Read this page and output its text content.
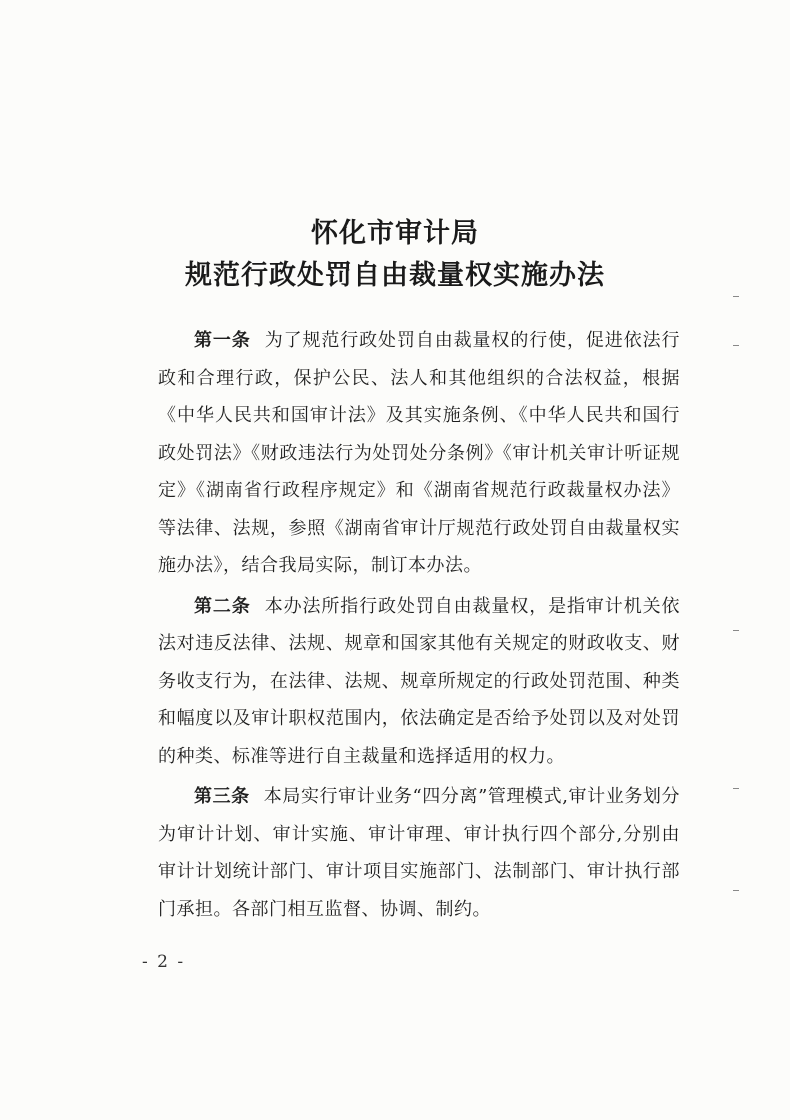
怀化市审计局
规范行政处罚自由裁量权实施办法

第一条 为了规范行政处罚自由裁量权的行使，促进依法行政和合理行政，保护公民、法人和其他组织的合法权益，根据《中华人民共和国审计法》及其实施条例、《中华人民共和国行政处罚法》《财政违法行为处罚处分条例》《审计机关审计听证规定》《湖南省行政程序规定》和《湖南省规范行政裁量权办法》等法律、法规，参照《湖南省审计厅规范行政处罚自由裁量权实施办法》，结合我局实际，制订本办法。

第二条 本办法所指行政处罚自由裁量权，是指审计机关依法对违反法律、法规、规章和国家其他有关规定的财政收支、财务收支行为，在法律、法规、规章所规定的行政处罚范围、种类和幅度以及审计职权范围内，依法确定是否给予处罚以及对处罚的种类、标准等进行自主裁量和选择适用的权力。

第三条 本局实行审计业务“四分离”管理模式,审计业务划分为审计计划、审计实施、审计审理、审计执行四个部分,分别由审计计划统计部门、审计项目实施部门、法制部门、审计执行部门承担。各部门相互监督、协调、制约。

- 2 -
